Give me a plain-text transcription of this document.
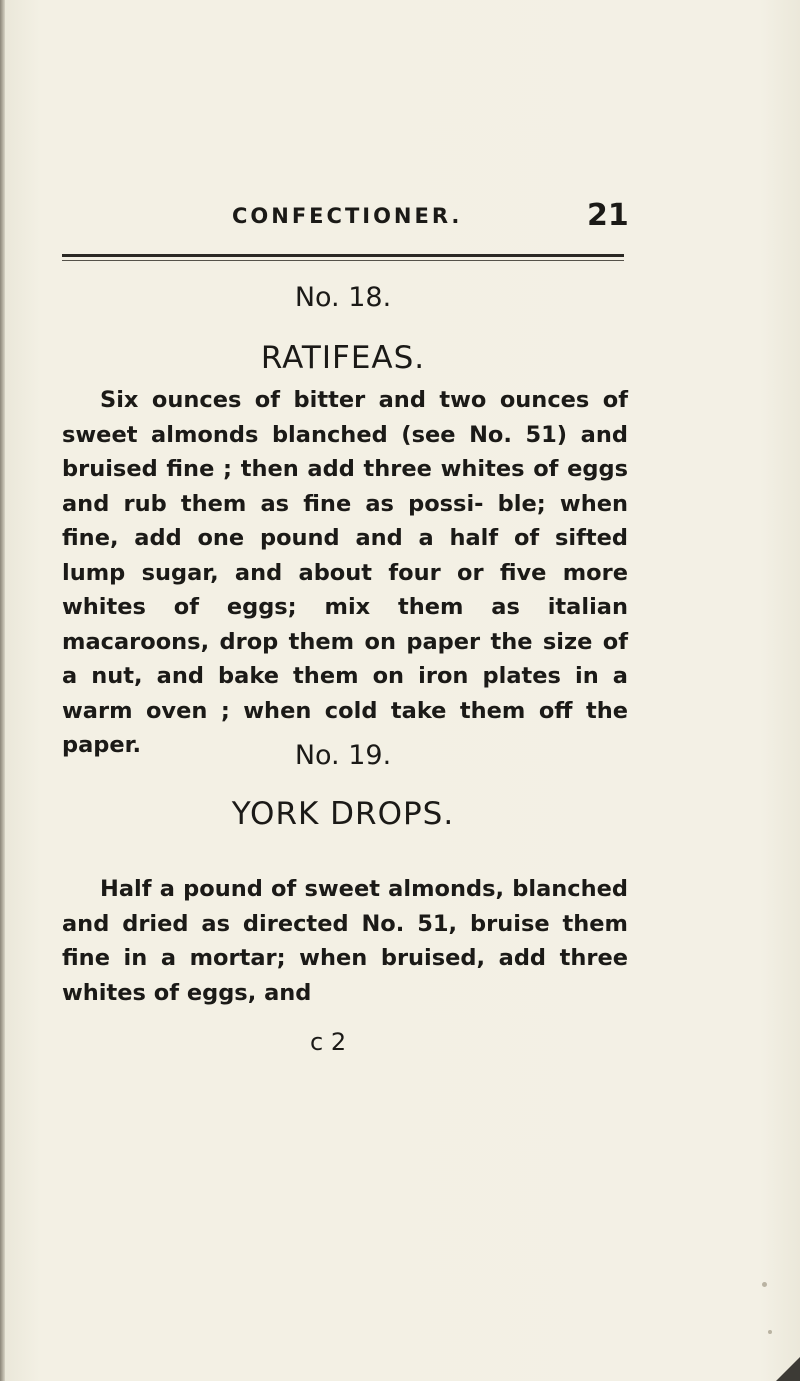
CONFECTIONER.	21
No. 18.
RATIFEAS.

Six ounces of bitter and two ounces of sweet almonds blanched (see No. 51) and bruised fine ; then add three whites of eggs and rub them as fine as possi- ble; when fine, add one pound and a half of sifted lump sugar, and about four or five more whites of eggs; mix them as italian macaroons, drop them on paper the size of a nut, and bake them on iron plates in a warm oven ; when cold take them off the paper.	No. 19.
YORK DROPS.

Half a pound of sweet almonds, blanched and dried as directed No. 51, bruise them fine in a mortar; when bruised, add three whites of eggs, and

c 2
